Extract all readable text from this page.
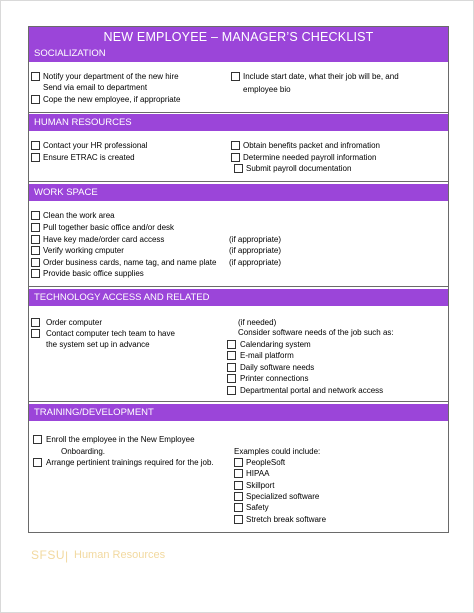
NEW EMPLOYEE – MANAGER’S CHECKLIST
SOCIALIZATION
Notify your department of the new hire
Send via email to department
Cope the new employee, if appropriate
Include start date, what their job will be, and
employee bio
HUMAN RESOURCES
Contact your HR professional
Ensure ETRAC is created
Obtain benefits packet and infromation
Determine needed payroll information
Submit payroll documentation
WORK SPACE
Clean the work area
Pull together basic office and/or desk
Have key made/order card access	(if appropriate)
Verify working cmputer	(if appropriate)
Order business cards, name tag, and name plate (if appropriate)
Provide basic office supplies
TECHNOLOGY ACCESS AND RELATED
Order computer
Contact computer tech team to have
the system set up in advance
(if needed)
Consider software needs of the job such as:
Calendaring system
E-mail platform
Daily software needs
Printer connections
Departmental portal and network access
TRAINING/DEVELOPMENT
Enroll the employee in the New Employee
Onboarding.
Arrange pertinient trainings required for the job.
Examples could include:
PeopleSoft
HIPAA
Skillport
Specialized software
Safety
Stretch break software
SFSU | Human Resources
